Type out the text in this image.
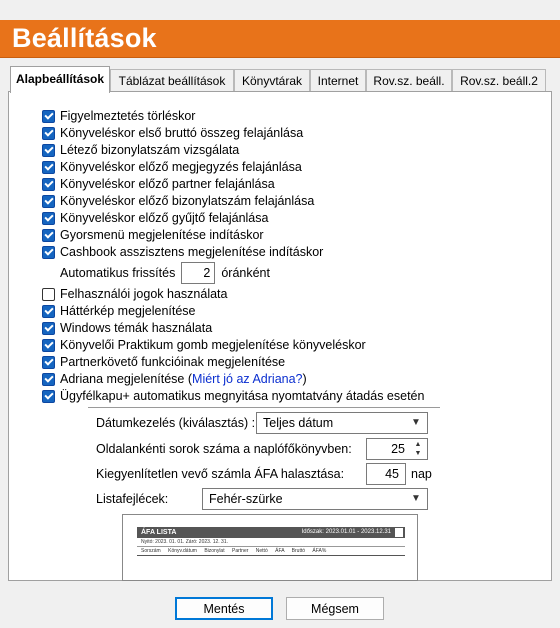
Beállítások
Alapbeállítások	Táblázat beállítások	Könyvtárak	Internet	Rov.sz. beáll.	Rov.sz. beáll.2
Figyelmeztetés törléskor
Könyveléskor első bruttó összeg felajánlása
Létező bizonylatszám vizsgálata
Könyveléskor előző megjegyzés felajánlása
Könyveléskor előző partner felajánlása
Könyveléskor előző bizonylatszám felajánlása
Könyveléskor előző gyűjtő felajánlása
Gyorsmenü megjelenítése indításkor
Cashbook asszisztens megjelenítése indításkor
Automatikus frissítés	2 óránként
Felhasználói jogok használata
Háttérkép megjelenítése
Windows témák használata
Könyvelői Praktikum gomb megjelenítése könyveléskor
Partnerkövető funkcióinak megjelenítése
Adriana megjelenítése ( Miért jó az Adriana? )
Ügyfélkapu+ automatikus megnyitása nyomtatvány átadás esetén
Dátumkezelés (kiválasztás) : Teljes dátum	▼
Oldalankénti sorok száma a naplófőkönyvben:	25	▲
▼
Kiegyenlítetlen vevő számla ÁFA halasztása:	45 nap
Listafejlécek:	Fehér-szürke	▼
ÁFA LISTA	Időszak: 2023.01.01 - 2023.12.31
Nyitó: 2023. 01. 01. Záró: 2023. 12. 31.
Sorszám Könyv.dátum Bizonylat Partner Nettó ÁFA Bruttó ÁFA%
Mentés	Mégsem
